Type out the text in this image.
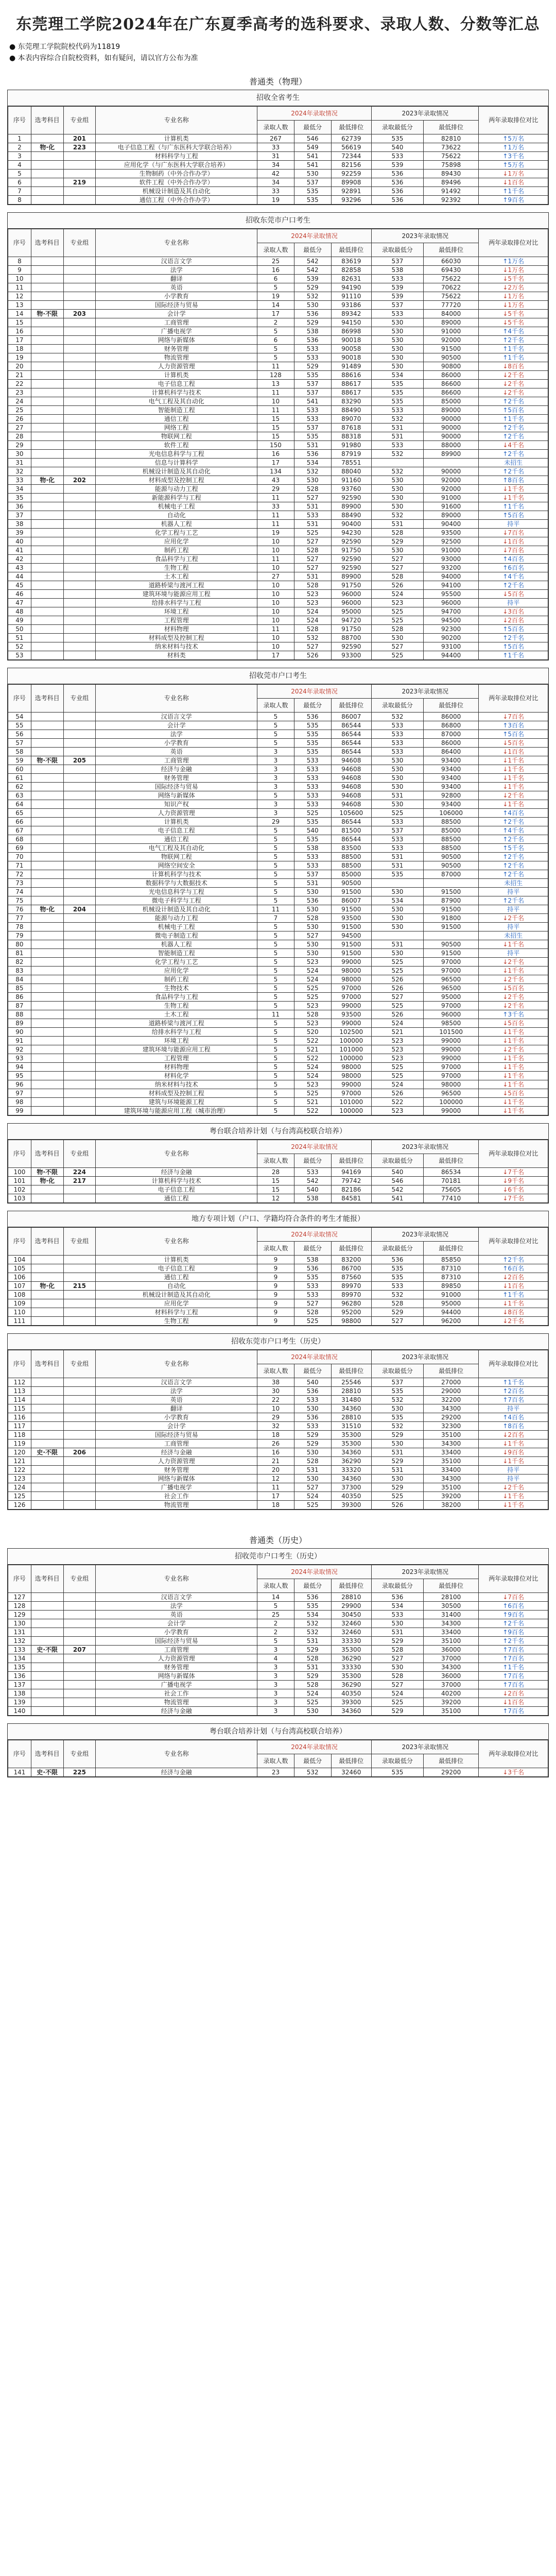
东莞理工学院2024年在广东夏季高考的选科要求、录取人数、分数等汇总
● 东莞理工学院院校代码为11819
● 本表内容综合自院校资料，如有疑问，请以官方公布为准
普通类（物理）
招收全省考生
序号	选考科目	专业组	专业名称	2024年录取情况			2023年录取情况		两年录取排位对比
				录取人数	最低分	最低排位	录取最低分	最低排位	
1		201	计算机类	267	546	62739	535	82810	↑5万名
2	物·化	223	电子信息工程（与广东医科大学联合培养）	33	549	56619	540	73622	↑1万名
3			材料科学与工程	31	541	72344	533	75622	↑3千名
4			应用化学（与广东医科大学联合培养）	34	541	82156	539	75898	↑5万名
5			生物制药（中外合作办学）	42	530	92259	536	89430	↓1万名
6		219	软件工程（中外合作办学）	34	537	89908	536	89496	↓1百名
7			机械设计制造及其自动化	33	535	92891	536	91492	↑1千名
8			通信工程（中外合作办学）	19	535	93296	536	92392	↑9百名
招收东莞市户口考生
序号	选考科目	专业组	专业名称	2024年录取情况			2023年录取情况		两年录取排位对比
				录取人数	最低分	最低排位	录取最低分	最低排位	
8			汉语言文学	25	542	83619	537	66030	↑1万名
9			法学	16	542	82858	538	69430	↓1万名
10			翻译	6	539	82631	533	75622	↓5千名
11			英语	5	529	94190	539	70622	↓2万名
12			小学教育	19	532	91110	539	75622	↓1万名
13			国际经济与贸易	14	530	93186	537	77720	↓1万名
14	物·不限	203	会计学	17	536	89342	533	84000	↓5千名
15			工商管理	2	529	94150	530	89000	↓5千名
16			广播电视学	5	538	86998	530	91000	↑4千名
17			网络与新媒体	6	536	90018	530	92000	↑2千名
18			财务管理	5	533	90058	530	91500	↑1千名
19			物流管理	5	533	90018	530	90500	↑1千名
20			人力资源管理	11	529	91489	530	90800	↓8百名
21			计算机类	128	535	88616	534	86000	↓2千名
22			电子信息工程	13	537	88617	535	86600	↓2千名
23			计算机科学与技术	11	537	88617	535	86600	↓2千名
24			电气工程及其自动化	10	541	83290	535	85000	↑2千名
25			智能制造工程	11	533	88490	533	89000	↑5百名
26			通信工程	15	533	89070	532	90000	↑1千名
27			网络工程	15	537	87618	531	90000	↑2千名
28			物联网工程	15	535	88318	531	90000	↑2千名
29			软件工程	150	531	91980	533	88000	↓4千名
30			光电信息科学与工程	16	536	87919	532	89900	↑2千名
31			信息与计算科学	17	534	78551			未招生
32			机械设计制造及其自动化	134	532	88040	532	90000	↑2千名
33	物·化	202	材料成型及控制工程	43	530	91160	530	92000	↑8百名
34			能源与动力工程	29	528	93760	530	92000	↓1千名
35			新能源科学与工程	11	527	92590	530	91000	↓1千名
36			机械电子工程	33	531	89900	530	91600	↑1千名
37			自动化	11	533	88490	532	89000	↑5百名
38			机器人工程	11	531	90400	531	90400	持平
39			化学工程与工艺	19	525	94230	528	93500	↓7百名
40			应用化学	10	527	92590	529	92500	↓1百名
41			制药工程	10	528	91750	530	91000	↓7百名
42			食品科学与工程	11	527	92590	527	93000	↑4百名
43			生物工程	10	527	92590	527	93200	↑6百名
44			土木工程	27	531	89900	528	94000	↑4千名
45			道路桥梁与渡河工程	10	528	91750	526	94100	↑2千名
46			建筑环境与能源应用工程	10	523	96000	524	95500	↓5百名
47			给排水科学与工程	10	523	96000	523	96000	持平
48			环境工程	10	524	95000	525	94700	↓3百名
49			工程管理	10	524	94720	525	94500	↓2百名
50			材料物理	11	528	91750	528	92300	↑5百名
51			材料成型及控制工程	10	532	88700	530	90200	↑2千名
52			纳米材料与技术	10	527	92590	527	93100	↑5百名
53			材料类	17	526	93300	525	94400	↑1千名
招收莞市户口考生
序号	选考科目	专业组	专业名称	2024年录取情况			2023年录取情况		两年录取排位对比
				录取人数	最低分	最低排位	录取最低分	最低排位	
54			汉语言文学	5	536	86007	532	86000	↓7百名
55			会计学	5	535	86544	533	86800	↑3百名
56			法学	5	535	86544	533	87000	↑5百名
57			小学教育	5	535	86544	533	86000	↓5百名
58			英语	3	535	86544	533	86400	↓1百名
59	物·不限	205	工商管理	3	533	94608	530	93400	↓1千名
60			经济与金融	3	533	94608	530	93400	↓1千名
61			财务管理	3	533	94608	530	93400	↓1千名
62			国际经济与贸易	3	533	94608	530	93400	↓1千名
63			网络与新媒体	5	533	94608	531	92800	↓2千名
64			知识产权	3	533	94608	530	93400	↓1千名
65			人力资源管理	3	525	105600	525	106000	↑4百名
66			计算机类	29	535	86544	533	88500	↑2千名
67			电子信息工程	5	540	81500	537	85000	↑4千名
68			通信工程	5	535	86544	533	88500	↑2千名
69			电气工程及其自动化	5	538	83500	533	88500	↑5千名
70			物联网工程	5	533	88500	531	90500	↑2千名
71			网络空间安全	5	533	88500	531	90500	↑2千名
72			计算机科学与技术	5	537	85000	535	87000	↑2千名
73			数据科学与大数据技术	5	531	90500			未招生
74			光电信息科学与工程	5	530	91500	530	91500	持平
75			微电子科学与工程	5	536	86007	534	87900	↑2千名
76	物·化	204	机械设计制造及其自动化	11	530	91500	530	91500	持平
77			能源与动力工程	7	528	93500	530	91800	↓2千名
78			机械电子工程	5	530	91500	530	91500	持平
79			微电子制造工程	5	527	94500			未招生
80			机器人工程	5	530	91500	531	90500	↓1千名
81			智能制造工程	5	530	91500	530	91500	持平
82			化学工程与工艺	5	523	99000	525	97000	↓2千名
83			应用化学	5	524	98000	525	97000	↓1千名
84			制药工程	5	524	98000	526	96500	↓2千名
85			生物技术	5	525	97000	526	96500	↓5百名
86			食品科学与工程	5	525	97000	527	95000	↓2千名
87			生物工程	5	523	99000	525	97000	↓2千名
88			土木工程	11	528	93500	526	96000	↑3千名
89			道路桥梁与渡河工程	5	523	99000	524	98500	↓5百名
90			给排水科学与工程	5	520	102500	521	101500	↓1千名
91			环境工程	5	522	100000	523	99000	↓1千名
92			建筑环境与能源应用工程	5	521	101000	523	99000	↓2千名
93			工程管理	5	522	100000	523	99000	↓1千名
94			材料物理	5	524	98000	525	97000	↓1千名
95			材料化学	5	524	98000	525	97000	↓1千名
96			纳米材料与技术	5	523	99000	524	98000	↓1千名
97			材料成型及控制工程	5	525	97000	526	96500	↓5百名
98			建筑与环境能源工程	5	521	101000	522	100000	↓1千名
99			建筑环境与能源应用工程（城市治理）	5	522	100000	523	99000	↓1千名
粤台联合培养计划（与台湾高校联合培养）
序号	选考科目	专业组	专业名称	2024年录取情况			2023年录取情况		两年录取排位对比
				录取人数	最低分	最低排位	录取最低分	最低排位	
100	物·不限	224	经济与金融	28	533	94169	540	86534	↓7千名
101	物·化	217	计算机科学与技术	15	542	79742	546	70181	↓9千名
102			电子信息工程	15	540	82186	542	75605	↓6千名
103			通信工程	12	538	84581	541	77410	↓7千名
地方专项计划（户口、学籍均符合条件的考生才能报）
序号	选考科目	专业组	专业名称	2024年录取情况			2023年录取情况		两年录取排位对比
				录取人数	最低分	最低排位	录取最低分	最低排位	
104			计算机类	9	538	83200	536	85850	↑2千名
105			电子信息工程	9	536	86700	535	87310	↑6百名
106			通信工程	9	535	87560	535	87310	↓2百名
107	物·化	215	自动化	9	533	89970	533	89850	↓1百名
108			机械设计制造及其自动化	9	533	89970	532	91000	↑1千名
109			应用化学	9	527	96280	528	95000	↓1千名
110			材料科学与工程	9	528	95200	529	94400	↓8百名
111			生物工程	9	525	98800	527	96200	↓2千名
招收东莞市户口考生（历史）
序号	选考科目	专业组	专业名称	2024年录取情况			2023年录取情况		两年录取排位对比
				录取人数	最低分	最低排位	录取最低分	最低排位	
112			汉语言文学	38	540	25546	537	27000	↑1千名
113			法学	30	536	28810	535	29000	↑2百名
114			英语	22	533	31480	532	32200	↑7百名
115			翻译	10	530	34360	530	34300	持平
116			小学教育	29	536	28810	535	29200	↑4百名
117			会计学	32	533	31510	532	32300	↑8百名
118			国际经济与贸易	18	529	35300	529	35100	↓2百名
119			工商管理	26	529	35300	530	34300	↓1千名
120	史·不限	206	经济与金融	16	530	34360	531	33400	↓9百名
121			人力资源管理	21	528	36290	529	35100	↓1千名
122			财务管理	20	531	33320	531	33400	持平
123			网络与新媒体	12	530	34360	530	34300	持平
124			广播电视学	11	527	37300	529	35100	↓2千名
125			社会工作	17	524	40350	525	39200	↓1千名
126			物流管理	18	525	39300	526	38200	↓1千名
普通类（历史）
招收莞市户口考生（历史）
序号	选考科目	专业组	专业名称	2024年录取情况			2023年录取情况		两年录取排位对比
				录取人数	最低分	最低排位	录取最低分	最低排位	
127			汉语言文学	14	536	28810	536	28100	↓7百名
128			法学	5	535	29900	534	30500	↑6百名
129			英语	25	534	30450	533	31400	↑9百名
130			会计学	2	532	32460	530	34300	↑2千名
131			小学教育	2	532	32460	531	33400	↑9百名
132			国际经济与贸易	5	531	33330	529	35100	↑2千名
133	史·不限	207	工商管理	3	529	35300	528	36000	↑7百名
134			人力资源管理	4	528	36290	527	37000	↑7百名
135			财务管理	3	531	33330	530	34300	↑1千名
136			网络与新媒体	3	529	35300	528	36000	↑7百名
137			广播电视学	3	528	36290	527	37000	↑7百名
138			社会工作	3	524	40350	524	40200	↓2百名
139			物流管理	3	525	39300	525	39200	↓1百名
140			经济与金融	3	530	34360	529	35100	↑7百名
粤台联合培养计划（与台湾高校联合培养）
序号	选考科目	专业组	专业名称	2024年录取情况			2023年录取情况		两年录取排位对比
				录取人数	最低分	最低排位	录取最低分	最低排位	
141	史·不限	225	经济与金融	23	532	32460	535	29200	↓3千名
